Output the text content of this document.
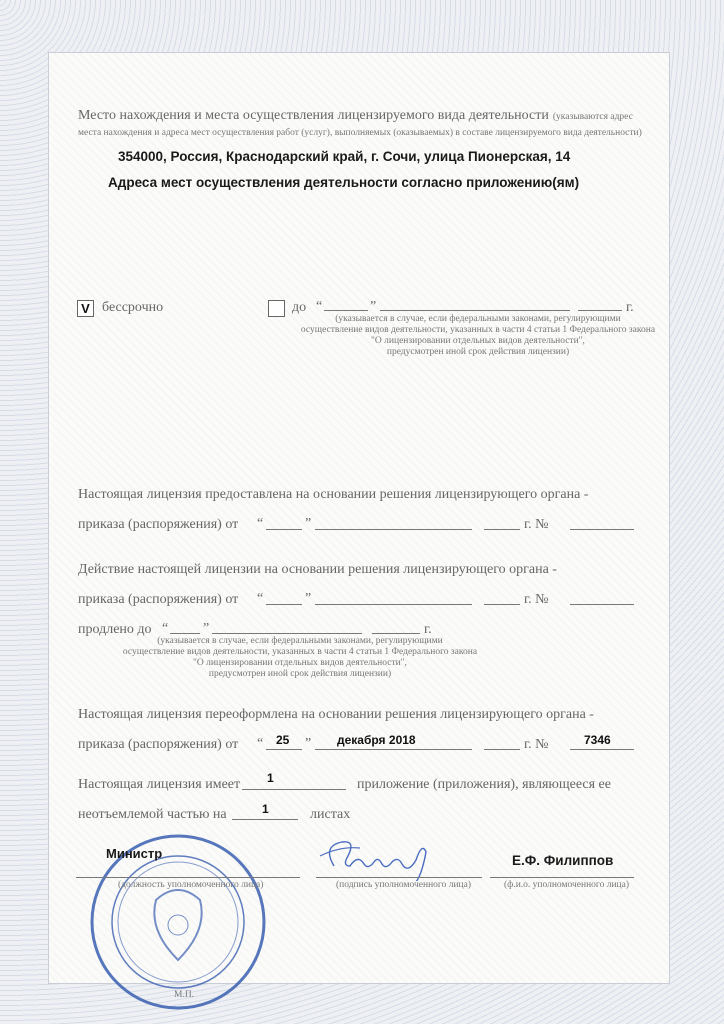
Место нахождения и места осуществления лицензируемого вида деятельности (указываются адрес места нахождения и адреса мест осуществления работ (услуг), выполняемых (оказываемых) в составе лицензируемого вида деятельности)
354000, Россия, Краснодарский край, г. Сочи, улица Пионерская, 14
Адреса мест осуществления деятельности согласно приложению(ям)
V бессрочно	до “	”	г.
(указывается в случае, если федеральными законами, регулирующими
осуществление видов деятельности, указанных в части 4 статьи 1 Федерального закона
"О лицензировании отдельных видов деятельности",
предусмотрен иной срок действия лицензии)
Настоящая лицензия предоставлена на основании решения лицензирующего органа -
приказа (распоряжения) от “	”	г. №
Действие настоящей лицензии на основании решения лицензирующего органа -
приказа (распоряжения) от “	”	г. №
продлено до “ ”	г.
(указывается в случае, если федеральными законами, регулирующими
осуществление видов деятельности, указанных в части 4 статьи 1 Федерального закона
"О лицензировании отдельных видов деятельности",
предусмотрен иной срок действия лицензии)
Настоящая лицензия переоформлена на основании решения лицензирующего органа -
приказа (распоряжения) от “ 25 ” декабря 2018	г. №	7346
Настоящая лицензия имеет 1	приложение (приложения), являющееся ее
неотъемлемой частью на	1	листах
Министр
(должность уполномоченного лица)
М.П.
(подпись уполномоченного лица)
Е.Ф. Филиппов
(ф.и.о. уполномоченного лица)
